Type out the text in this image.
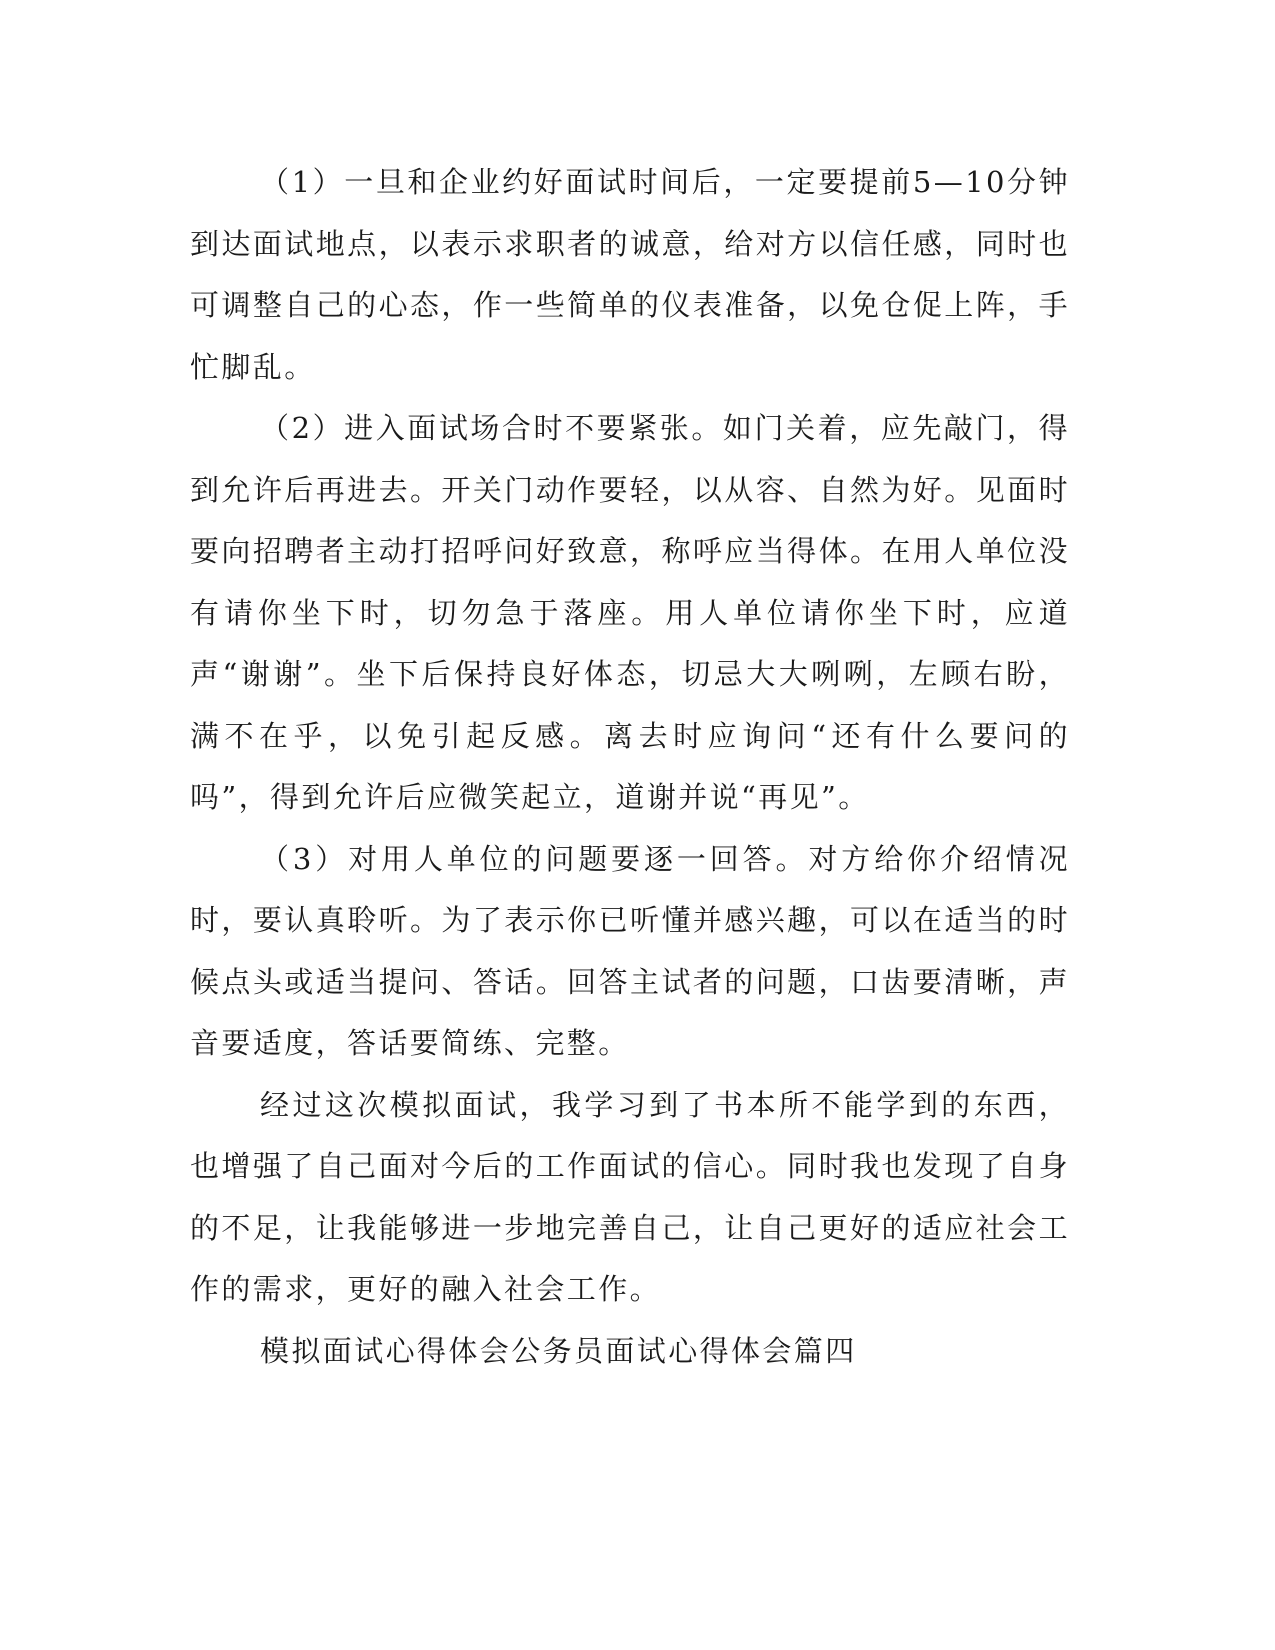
（1）一旦和企业约好面试时间后，一定要提前5—10分钟到达面试地点，以表示求职者的诚意，给对方以信任感，同时也可调整自己的心态，作一些简单的仪表准备，以免仓促上阵，手忙脚乱。

（2）进入面试场合时不要紧张。如门关着，应先敲门，得到允许后再进去。开关门动作要轻，以从容、自然为好。见面时要向招聘者主动打招呼问好致意，称呼应当得体。在用人单位没有请你坐下时，切勿急于落座。用人单位请你坐下时，应道声“谢谢”。坐下后保持良好体态，切忌大大咧咧，左顾右盼，满不在乎，以免引起反感。离去时应询问“还有什么要问的吗”，得到允许后应微笑起立，道谢并说“再见”。

（3）对用人单位的问题要逐一回答。对方给你介绍情况时，要认真聆听。为了表示你已听懂并感兴趣，可以在适当的时候点头或适当提问、答话。回答主试者的问题，口齿要清晰，声音要适度，答话要简练、完整。

经过这次模拟面试，我学习到了书本所不能学到的东西，也增强了自己面对今后的工作面试的信心。同时我也发现了自身的不足，让我能够进一步地完善自己，让自己更好的适应社会工作的需求，更好的融入社会工作。

模拟面试心得体会公务员面试心得体会篇四
